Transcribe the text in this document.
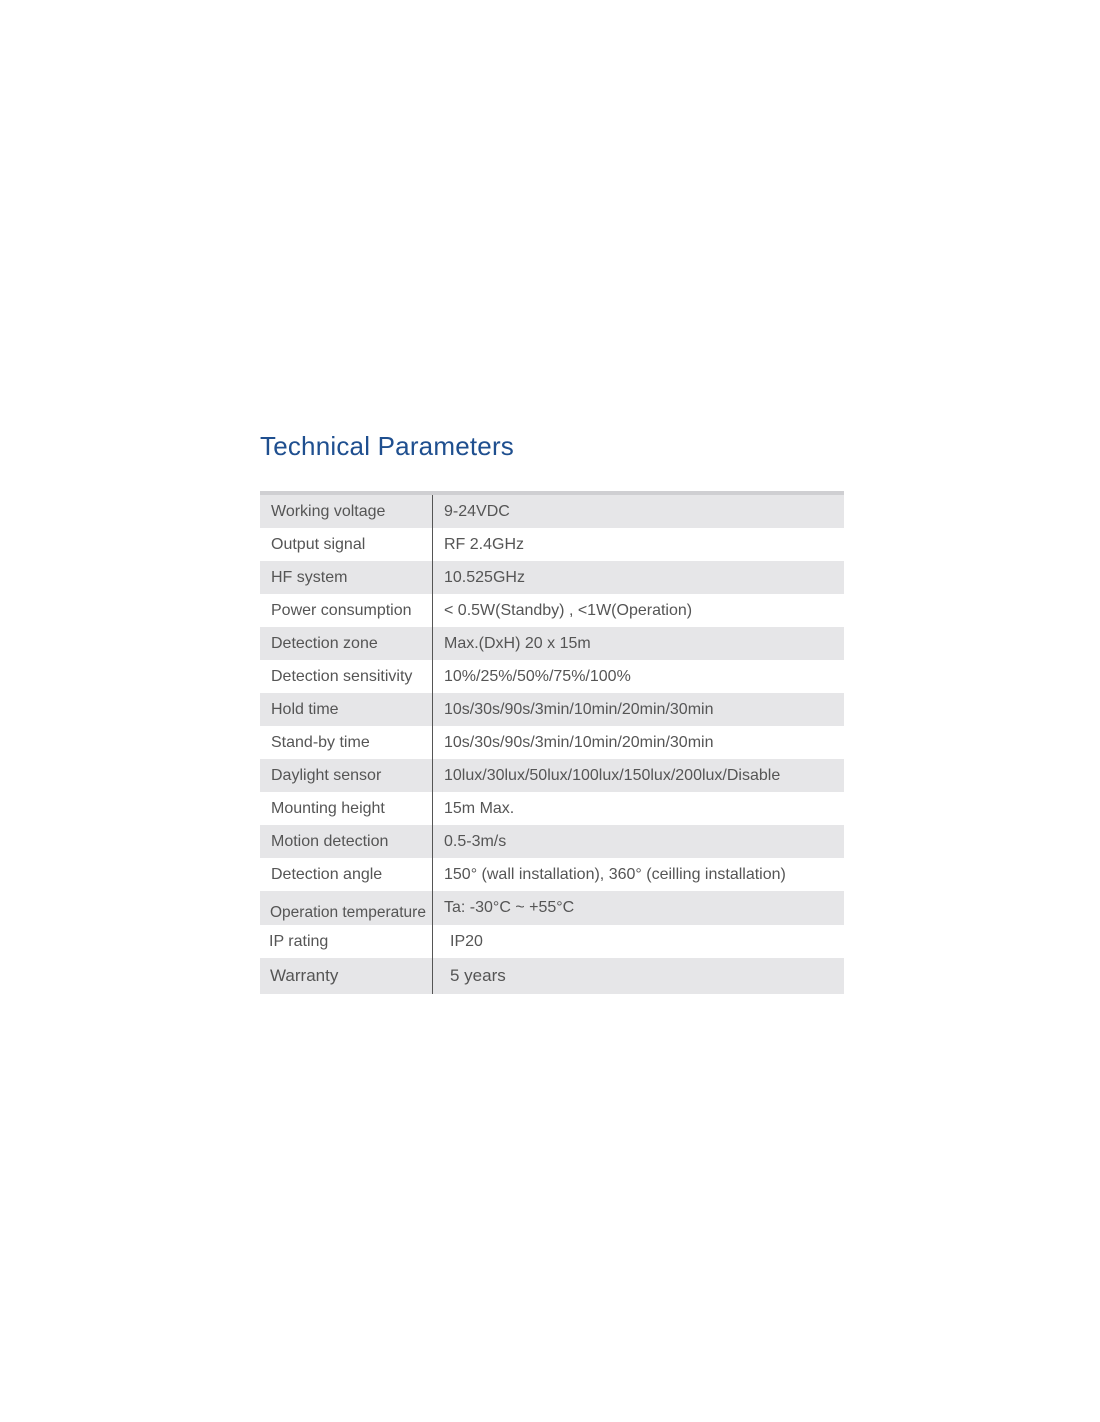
Technical Parameters
Working voltage	9-24VDC
Output signal	RF 2.4GHz
HF system	10.525GHz
Power consumption	< 0.5W(Standby) , <1W(Operation)
Detection zone	Max.(DxH) 20 x 15m
Detection sensitivity	10%/25%/50%/75%/100%
Hold time	10s/30s/90s/3min/10min/20min/30min
Stand-by time	10s/30s/90s/3min/10min/20min/30min
Daylight sensor	10lux/30lux/50lux/100lux/150lux/200lux/Disable
Mounting height	15m Max.
Motion detection	0.5-3m/s
Detection angle	150° (wall installation), 360° (ceilling installation)
Operation temperature	Ta: -30°C ~ +55°C
IP rating	IP20
Warranty	5 years
